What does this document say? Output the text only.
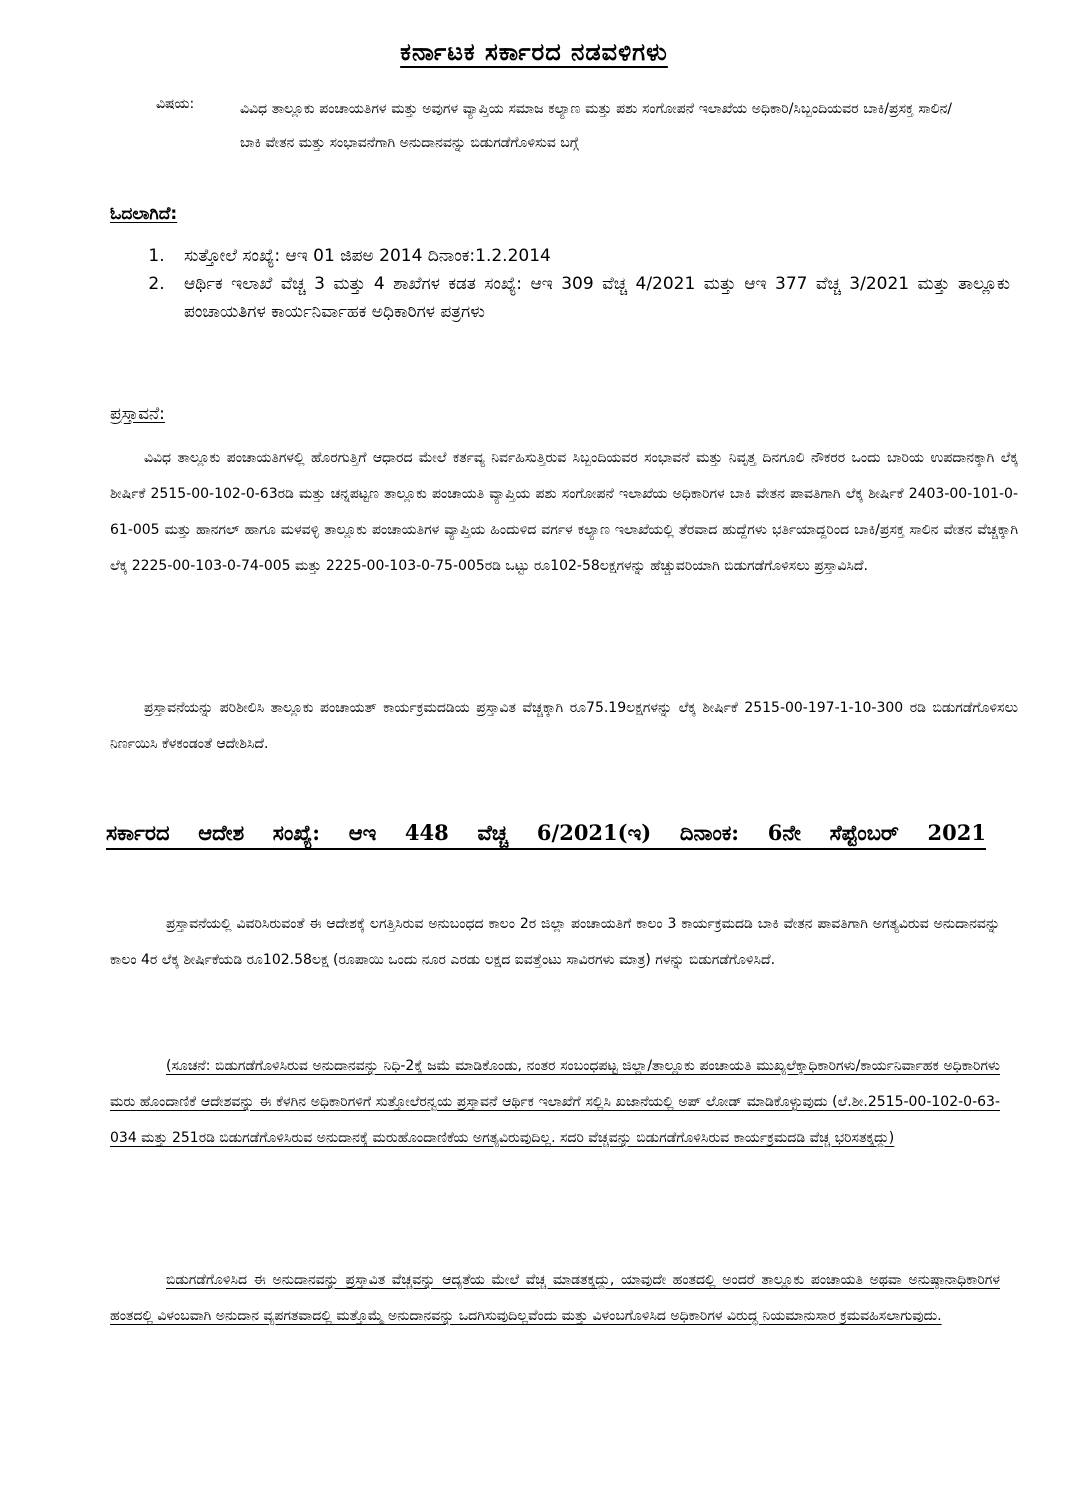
ಕರ್ನಾಟಕ ಸರ್ಕಾರದ ನಡವಳಿಗಳು
ವಿಷಯ:	ವಿವಿಧ ತಾಲ್ಲೂಕು ಪಂಚಾಯತಿಗಳ ಮತ್ತು ಅವುಗಳ ವ್ಯಾಪ್ತಿಯ ಸಮಾಜ ಕಲ್ಯಾಣ ಮತ್ತು ಪಶು ಸಂಗೋಪನೆ ಇಲಾಖೆಯ ಅಧಿಕಾರಿ/ಸಿಬ್ಬಂದಿಯವರ ಬಾಕಿ/ಪ್ರಸಕ್ತ ಸಾಲಿನ/ಬಾಕಿ ವೇತನ ಮತ್ತು ಸಂಭಾವನೆಗಾಗಿ ಅನುದಾನವನ್ನು ಬಿಡುಗಡೆಗೊಳಿಸುವ ಬಗ್ಗೆ
ಓದಲಾಗಿದೆ:
1. ಸುತ್ತೋಲೆ ಸಂಖ್ಯೆ: ಆಇ 01 ಜಿಪಅ 2014 ದಿನಾಂಕ:1.2.2014
2. ಆರ್ಥಿಕ ಇಲಾಖೆ ವೆಚ್ಚ 3 ಮತ್ತು 4 ಶಾಖೆಗಳ ಕಡತ ಸಂಖ್ಯೆ: ಆಇ 309 ವೆಚ್ಚ 4/2021 ಮತ್ತು ಆಇ 377 ವೆಚ್ಚ 3/2021 ಮತ್ತು ತಾಲ್ಲೂಕು ಪಂಚಾಯತಿಗಳ ಕಾರ್ಯನಿರ್ವಾಹಕ ಅಧಿಕಾರಿಗಳ ಪತ್ರಗಳು
ಪ್ರಸ್ತಾವನೆ:
ವಿವಿಧ ತಾಲ್ಲೂಕು ಪಂಚಾಯತಿಗಳಲ್ಲಿ ಹೊರಗುತ್ತಿಗೆ ಆಧಾರದ ಮೇಲೆ ಕರ್ತವ್ಯ ನಿರ್ವಹಿಸುತ್ತಿರುವ ಸಿಬ್ಬಂದಿಯವರ ಸಂಭಾವನೆ ಮತ್ತು ನಿವೃತ್ತ ದಿನಗೂಲಿ ನೌಕರರ ಒಂದು ಬಾರಿಯ ಉಪದಾನಕ್ಕಾಗಿ ಲೆಕ್ಕ ಶೀರ್ಷಿಕೆ 2515-00-102-0-63ರಡಿ ಮತ್ತು ಚನ್ನಪಟ್ಟಣ ತಾಲ್ಲೂಕು ಪಂಚಾಯತಿ ವ್ಯಾಪ್ತಿಯ ಪಶು ಸಂಗೋಪನೆ ಇಲಾಖೆಯ ಅಧಿಕಾರಿಗಳ ಬಾಕಿ ವೇತನ ಪಾವತಿಗಾಗಿ ಲೆಕ್ಕ ಶೀರ್ಷಿಕೆ 2403-00-101-0-61-005 ಮತ್ತು ಹಾನಗಲ್ ಹಾಗೂ ಮಳವಳ್ಳಿ ತಾಲ್ಲೂಕು ಪಂಚಾಯತಿಗಳ ವ್ಯಾಪ್ತಿಯ ಹಿಂದುಳಿದ ವರ್ಗಳ ಕಲ್ಯಾಣ ಇಲಾಖೆಯಲ್ಲಿ ತೆರವಾದ ಹುದ್ದೆಗಳು ಭರ್ತಿಯಾದ್ದರಿಂದ ಬಾಕಿ/ಪ್ರಸಕ್ತ ಸಾಲಿನ ವೇತನ ವೆಚ್ಚಕ್ಕಾಗಿ ಲೆಕ್ಕ 2225-00-103-0-74-005 ಮತ್ತು 2225-00-103-0-75-005ರಡಿ ಒಟ್ಟು ರೂ102-58ಲಕ್ಷಗಳನ್ನು ಹೆಚ್ಚುವರಿಯಾಗಿ ಬಿಡುಗಡೆಗೊಳಿಸಲು ಪ್ರಸ್ತಾವಿಸಿದೆ.
ಪ್ರಸ್ತಾವನೆಯನ್ನು ಪರಿಶೀಲಿಸಿ ತಾಲ್ಲೂಕು ಪಂಚಾಯತ್ ಕಾರ್ಯಕ್ರಮದಡಿಯ ಪ್ರಸ್ತಾವಿತ ವೆಚ್ಚಕ್ಕಾಗಿ ರೂ75.19ಲಕ್ಷಗಳನ್ನು ಲೆಕ್ಕ ಶೀರ್ಷಿಕೆ 2515-00-197-1-10-300 ರಡಿ ಬಿಡುಗಡೆಗೊಳಿಸಲು ನಿರ್ಣಯಿಸಿ ಕೆಳಕಂಡಂತೆ ಆದೇಶಿಸಿದೆ.
ಸರ್ಕಾರದ ಆದೇಶ ಸಂಖ್ಯೆ: ಆಇ 448 ವೆಚ್ಚ 6/2021(ಇ) ದಿನಾಂಕ: 6ನೇ ಸೆಪ್ಟೆಂಬರ್ 2021
ಪ್ರಸ್ತಾವನೆಯಲ್ಲಿ ವಿವರಿಸಿರುವಂತೆ ಈ ಆದೇಶಕ್ಕೆ ಲಗತ್ತಿಸಿರುವ ಅನುಬಂಧದ ಕಾಲಂ 2ರ ಜಿಲ್ಲಾ ಪಂಚಾಯತಿಗೆ ಕಾಲಂ 3 ಕಾರ್ಯಕ್ರಮದಡಿ ಬಾಕಿ ವೇತನ ಪಾವತಿಗಾಗಿ ಅಗತ್ಯವಿರುವ ಅನುದಾನವನ್ನು ಕಾಲಂ 4ರ ಲೆಕ್ಕ ಶೀರ್ಷಿಕೆಯಡಿ ರೂ102.58ಲಕ್ಷ (ರೂಪಾಯಿ ಒಂದು ನೂರ ಎರಡು ಲಕ್ಷದ ಐವತ್ತೆಂಟು ಸಾವಿರಗಳು ಮಾತ್ರ) ಗಳನ್ನು ಬಿಡುಗಡೆಗೊಳಿಸಿದೆ.
(ಸೂಚನೆ: ಬಿಡುಗಡೆಗೊಳಿಸಿರುವ ಅನುದಾನವನ್ನು ನಿಧಿ-2ಕ್ಕೆ ಜಮೆ ಮಾಡಿಕೊಂಡು, ನಂತರ ಸಂಬಂಧಪಟ್ಟ ಜಿಲ್ಲಾ/ತಾಲ್ಲೂಕು ಪಂಚಾಯತಿ ಮುಖ್ಯಲೆಕ್ಕಾಧಿಕಾರಿಗಳು/ಕಾರ್ಯನಿರ್ವಾಹಕ ಅಧಿಕಾರಿಗಳು ಮರು ಹೊಂದಾಣಿಕೆ ಆದೇಶವನ್ನು ಈ ಕೆಳಗಿನ ಅಧಿಕಾರಿಗಳಿಗೆ ಸುತ್ತೋಲೆರನ್ವಯ ಪ್ರಸ್ತಾವನೆ ಆರ್ಥಿಕ ಇಲಾಖೆಗೆ ಸಲ್ಲಿಸಿ ಖಜಾನೆಯಲ್ಲಿ ಅಪ್ ಲೋಡ್ ಮಾಡಿಕೊಳ್ಳುವುದು (ಲೆ.ಶೀ.2515-00-102-0-63-034 ಮತ್ತು 251ರಡಿ ಬಿಡುಗಡೆಗೊಳಿಸಿರುವ ಅನುದಾನಕ್ಕೆ ಮರುಹೊಂದಾಣಿಕೆಯ ಅಗತ್ಯವಿರುವುದಿಲ್ಲ. ಸದರಿ ವೆಚ್ಚವನ್ನು ಬಿಡುಗಡೆಗೊಳಿಸಿರುವ ಕಾರ್ಯಕ್ರಮದಡಿ ವೆಚ್ಚ ಭರಿಸತಕ್ಕದ್ದು)
ಬಿಡುಗಡೆಗೊಳಿಸಿದ ಈ ಅನುದಾನವನ್ನು ಪ್ರಸ್ತಾವಿತ ವೆಚ್ಚವನ್ನು ಆದ್ಯತೆಯ ಮೇಲೆ ವೆಚ್ಚ ಮಾಡತಕ್ಕದ್ದು, ಯಾವುದೇ ಹಂತದಲ್ಲಿ ಅಂದರೆ ತಾಲ್ಲೂಕು ಪಂಚಾಯತಿ ಅಥವಾ ಅನುಷ್ಠಾನಾಧಿಕಾರಿಗಳ ಹಂತದಲ್ಲಿ ವಿಳಂಬವಾಗಿ ಅನುದಾನ ವ್ಯಪಗತವಾದಲ್ಲಿ ಮತ್ತೊಮ್ಮೆ ಅನುದಾನವನ್ನು ಒದಗಿಸುವುದಿಲ್ಲವೆಂದು ಮತ್ತು ವಿಳಂಬಗೊಳಿಸಿದ ಅಧಿಕಾರಿಗಳ ವಿರುದ್ಧ ನಿಯಮಾನುಸಾರ ಕ್ರಮವಹಿಸಲಾಗುವುದು.
